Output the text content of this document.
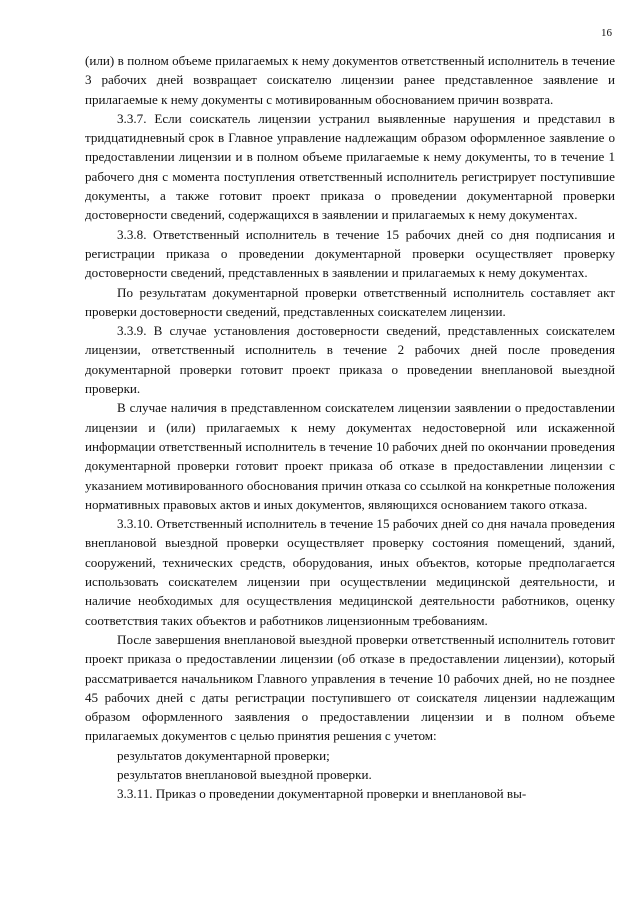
16

(или) в полном объеме прилагаемых к нему документов ответственный исполнитель в течение 3 рабочих дней возвращает соискателю лицензии ранее представленное заявление и прилагаемые к нему документы с мотивированным обоснованием причин возврата.

3.3.7. Если соискатель лицензии устранил выявленные нарушения и представил в тридцатидневный срок в Главное управление надлежащим образом оформленное заявление о предоставлении лицензии и в полном объеме прилагаемые к нему документы, то в течение 1 рабочего дня с момента поступления ответственный исполнитель регистрирует поступившие документы, а также готовит проект приказа о проведении документарной проверки достоверности сведений, содержащихся в заявлении и прилагаемых к нему документах.

3.3.8. Ответственный исполнитель в течение 15 рабочих дней со дня подписания и регистрации приказа о проведении документарной проверки осуществляет проверку достоверности сведений, представленных в заявлении и прилагаемых к нему документах.

По результатам документарной проверки ответственный исполнитель составляет акт проверки достоверности сведений, представленных соискателем лицензии.

3.3.9. В случае установления достоверности сведений, представленных соискателем лицензии, ответственный исполнитель в течение 2 рабочих дней после проведения документарной проверки готовит проект приказа о проведении внеплановой выездной проверки.

В случае наличия в представленном соискателем лицензии заявлении о предоставлении лицензии и (или) прилагаемых к нему документах недостоверной или искаженной информации ответственный исполнитель в течение 10 рабочих дней по окончании проведения документарной проверки готовит проект приказа об отказе в предоставлении лицензии с указанием мотивированного обоснования причин отказа со ссылкой на конкретные положения нормативных правовых актов и иных документов, являющихся основанием такого отказа.

3.3.10. Ответственный исполнитель в течение 15 рабочих дней со дня начала проведения внеплановой выездной проверки осуществляет проверку состояния помещений, зданий, сооружений, технических средств, оборудования, иных объектов, которые предполагается использовать соискателем лицензии при осуществлении медицинской деятельности, и наличие необходимых для осуществления медицинской деятельности работников, оценку соответствия таких объектов и работников лицензионным требованиям.

После завершения внеплановой выездной проверки ответственный исполнитель готовит проект приказа о предоставлении лицензии (об отказе в предоставлении лицензии), который рассматривается начальником Главного управления в течение 10 рабочих дней, но не позднее 45 рабочих дней с даты регистрации поступившего от соискателя лицензии надлежащим образом оформленного заявления о предоставлении лицензии и в полном объеме прилагаемых документов с целью принятия решения с учетом:

результатов документарной проверки;

результатов внеплановой выездной проверки.

3.3.11. Приказ о проведении документарной проверки и внеплановой вы-
